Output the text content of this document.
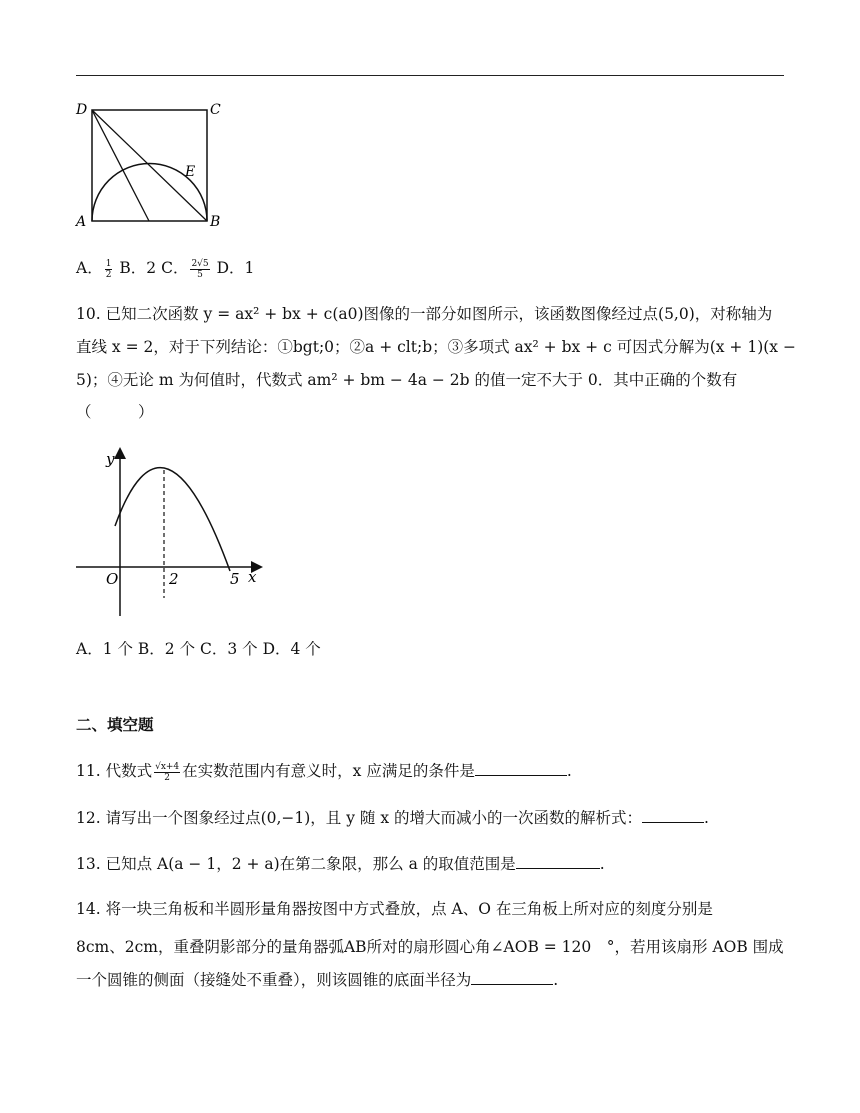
D	C
E
A	B
A． $\frac{1}{2}$ B．2 C． $\frac{2√5}{5}$ D．1
10. 已知二次函数 y = ax² + bx + c(a0)图像的一部分如图所示，该函数图像经过点(5,0)，对称轴为
直线 x = 2，对于下列结论：①bgt;0；②a + clt;b；③多项式 ax² + bx + c 可因式分解为(x + 1)(x −
5)；④无论 m 为何值时，代数式 am² + bm − 4a − 2b 的值一定不大于 0．其中正确的个数有
（　　　）
y
x
O	2	5
A．1 个 B．2 个 C．3 个 D．4 个
二、填空题
11. 代数式 $\frac{√x+4}{2}$ 在实数范围内有意义时，x 应满足的条件是	.
12. 请写出一个图象经过点(0,−1)，且 y 随 x 的增大而减小的一次函数的解析式：	.
13. 已知点 A(a − 1，2 + a)在第二象限，那么 a 的取值范围是	.
14. 将一块三角板和半圆形量角器按图中方式叠放，点 A、O 在三角板上所对应的刻度分别是
8cm、2cm，重叠阴影部分的量角器弧AB所对的扇形圆心角∠AOB = 120　°，若用该扇形 AOB 围成
一个圆锥的侧面（接缝处不重叠），则该圆锥的底面半径为	.
